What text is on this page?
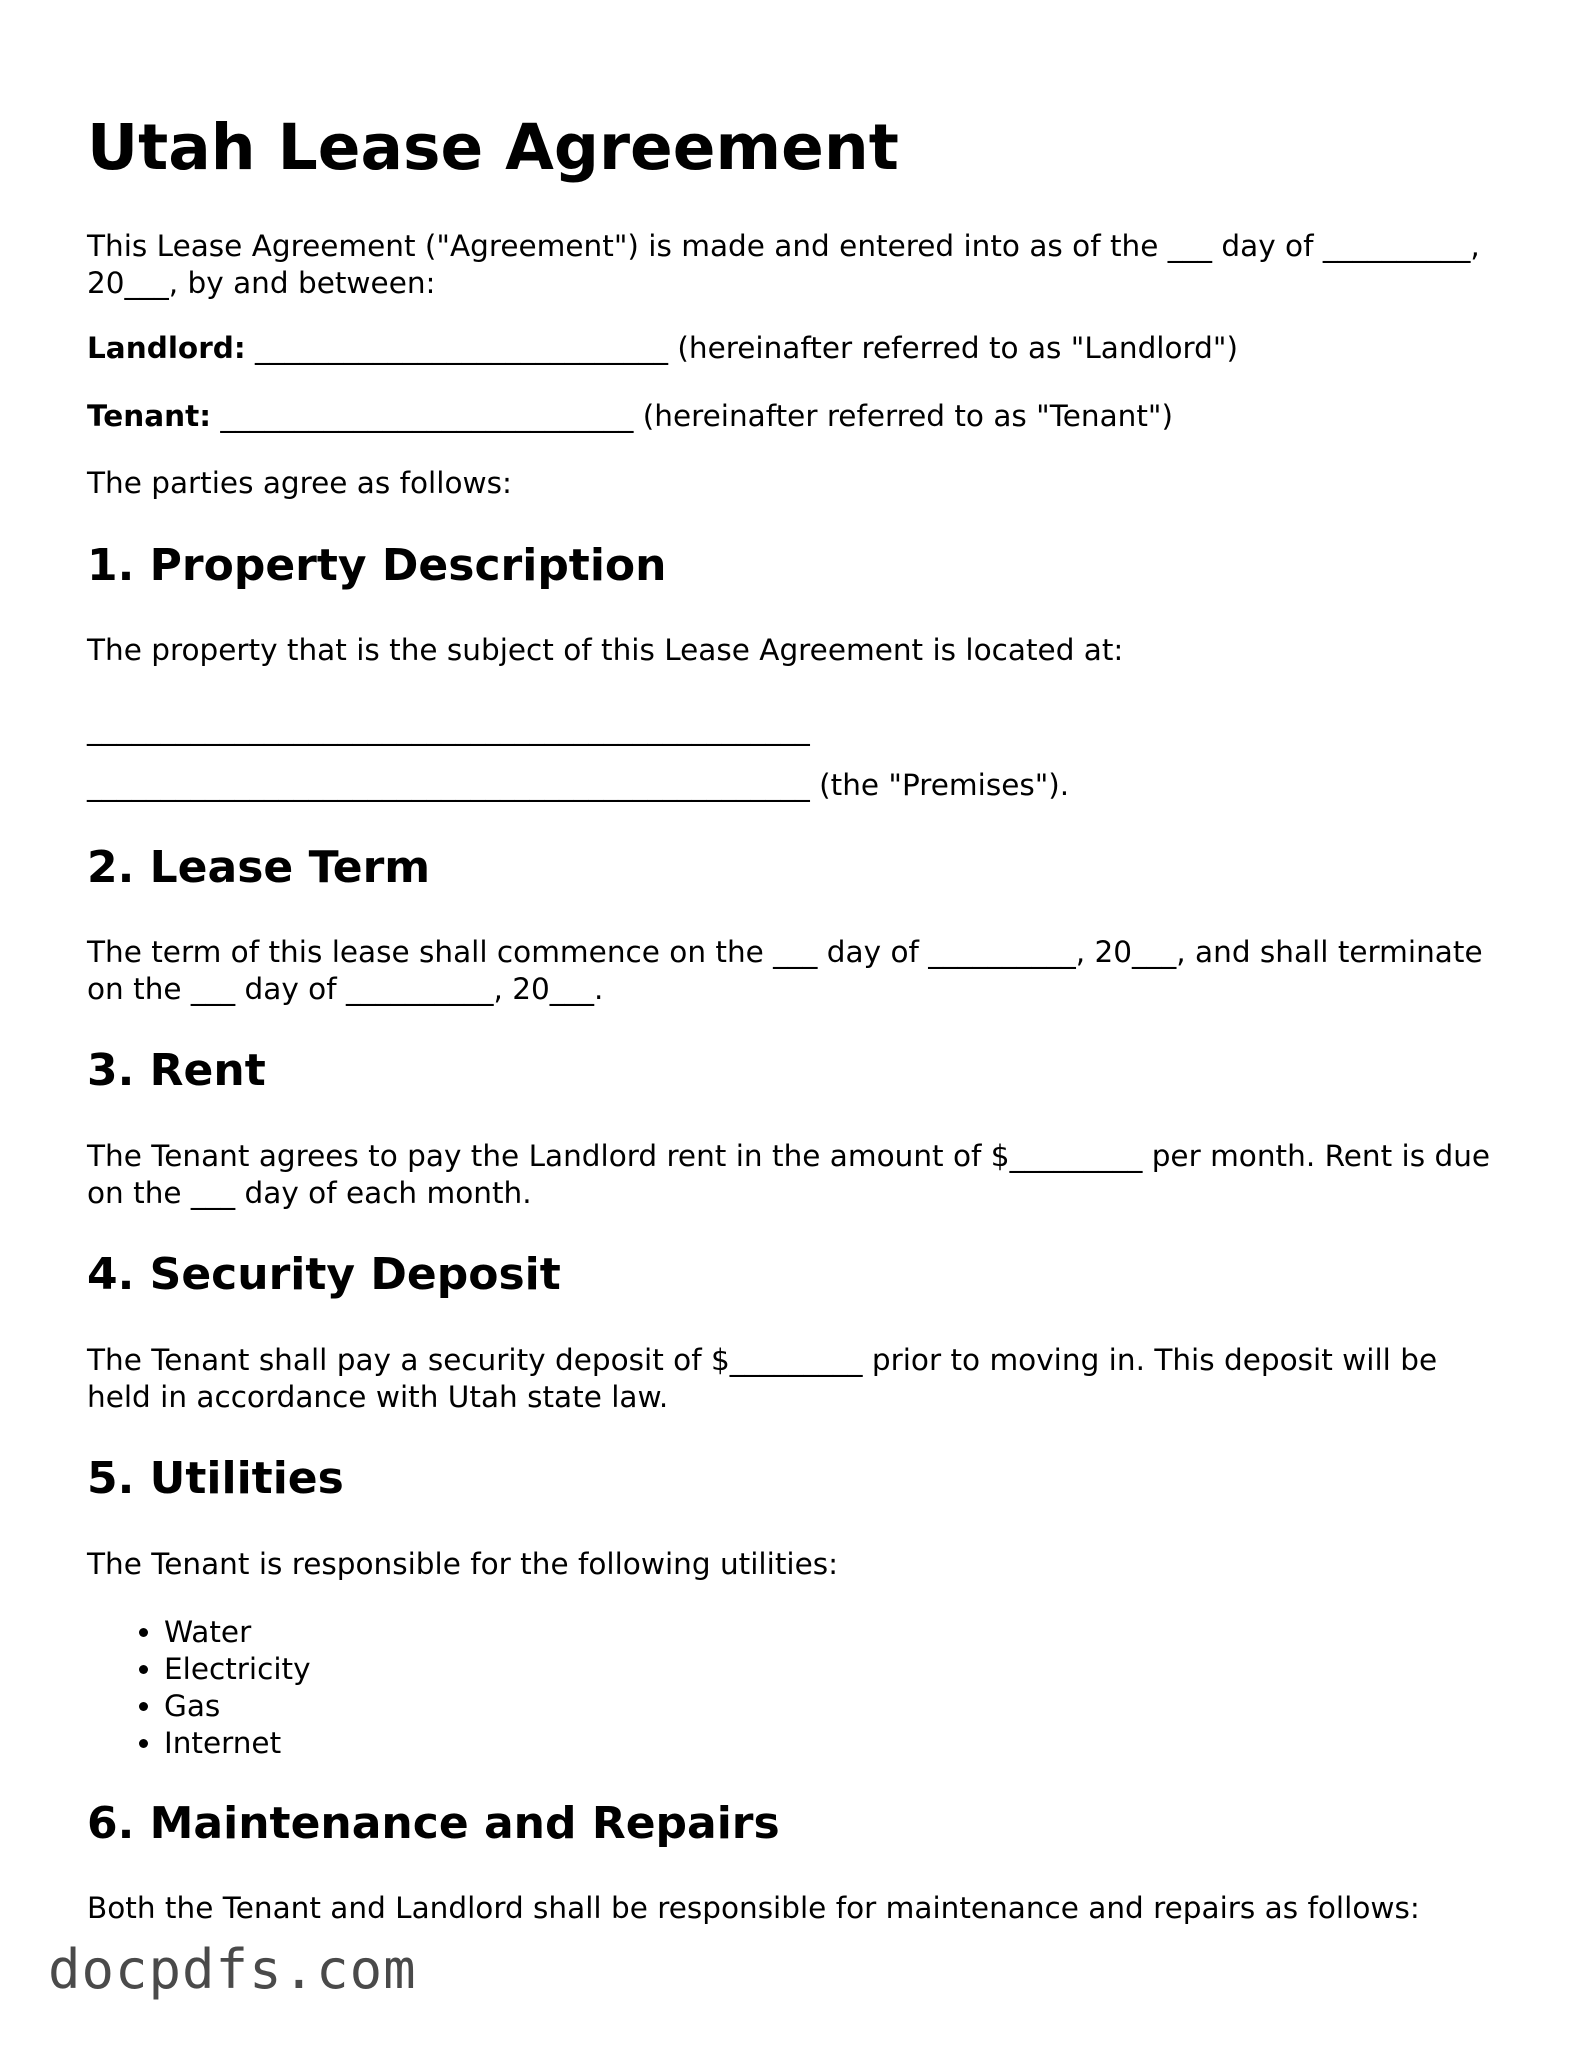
Utah Lease Agreement

This Lease Agreement ("Agreement") is made and entered into as of the ___ day of __________, 20___, by and between:

Landlord: ____________________________ (hereinafter referred to as "Landlord")

Tenant: ____________________________ (hereinafter referred to as "Tenant")

The parties agree as follows:

1. Property Description

The property that is the subject of this Lease Agreement is located at:

_________________________________________________

_________________________________________________ (the "Premises").

2. Lease Term

The term of this lease shall commence on the ___ day of __________, 20___, and shall terminate on the ___ day of __________, 20___.

3. Rent

The Tenant agrees to pay the Landlord rent in the amount of $_________ per month. Rent is due on the ___ day of each month.

4. Security Deposit

The Tenant shall pay a security deposit of $_________ prior to moving in. This deposit will be held in accordance with Utah state law.

5. Utilities

The Tenant is responsible for the following utilities:

• Water
• Electricity
• Gas
• Internet
6. Maintenance and Repairs

Both the Tenant and Landlord shall be responsible for maintenance and repairs as follows:

docpdfs.com
